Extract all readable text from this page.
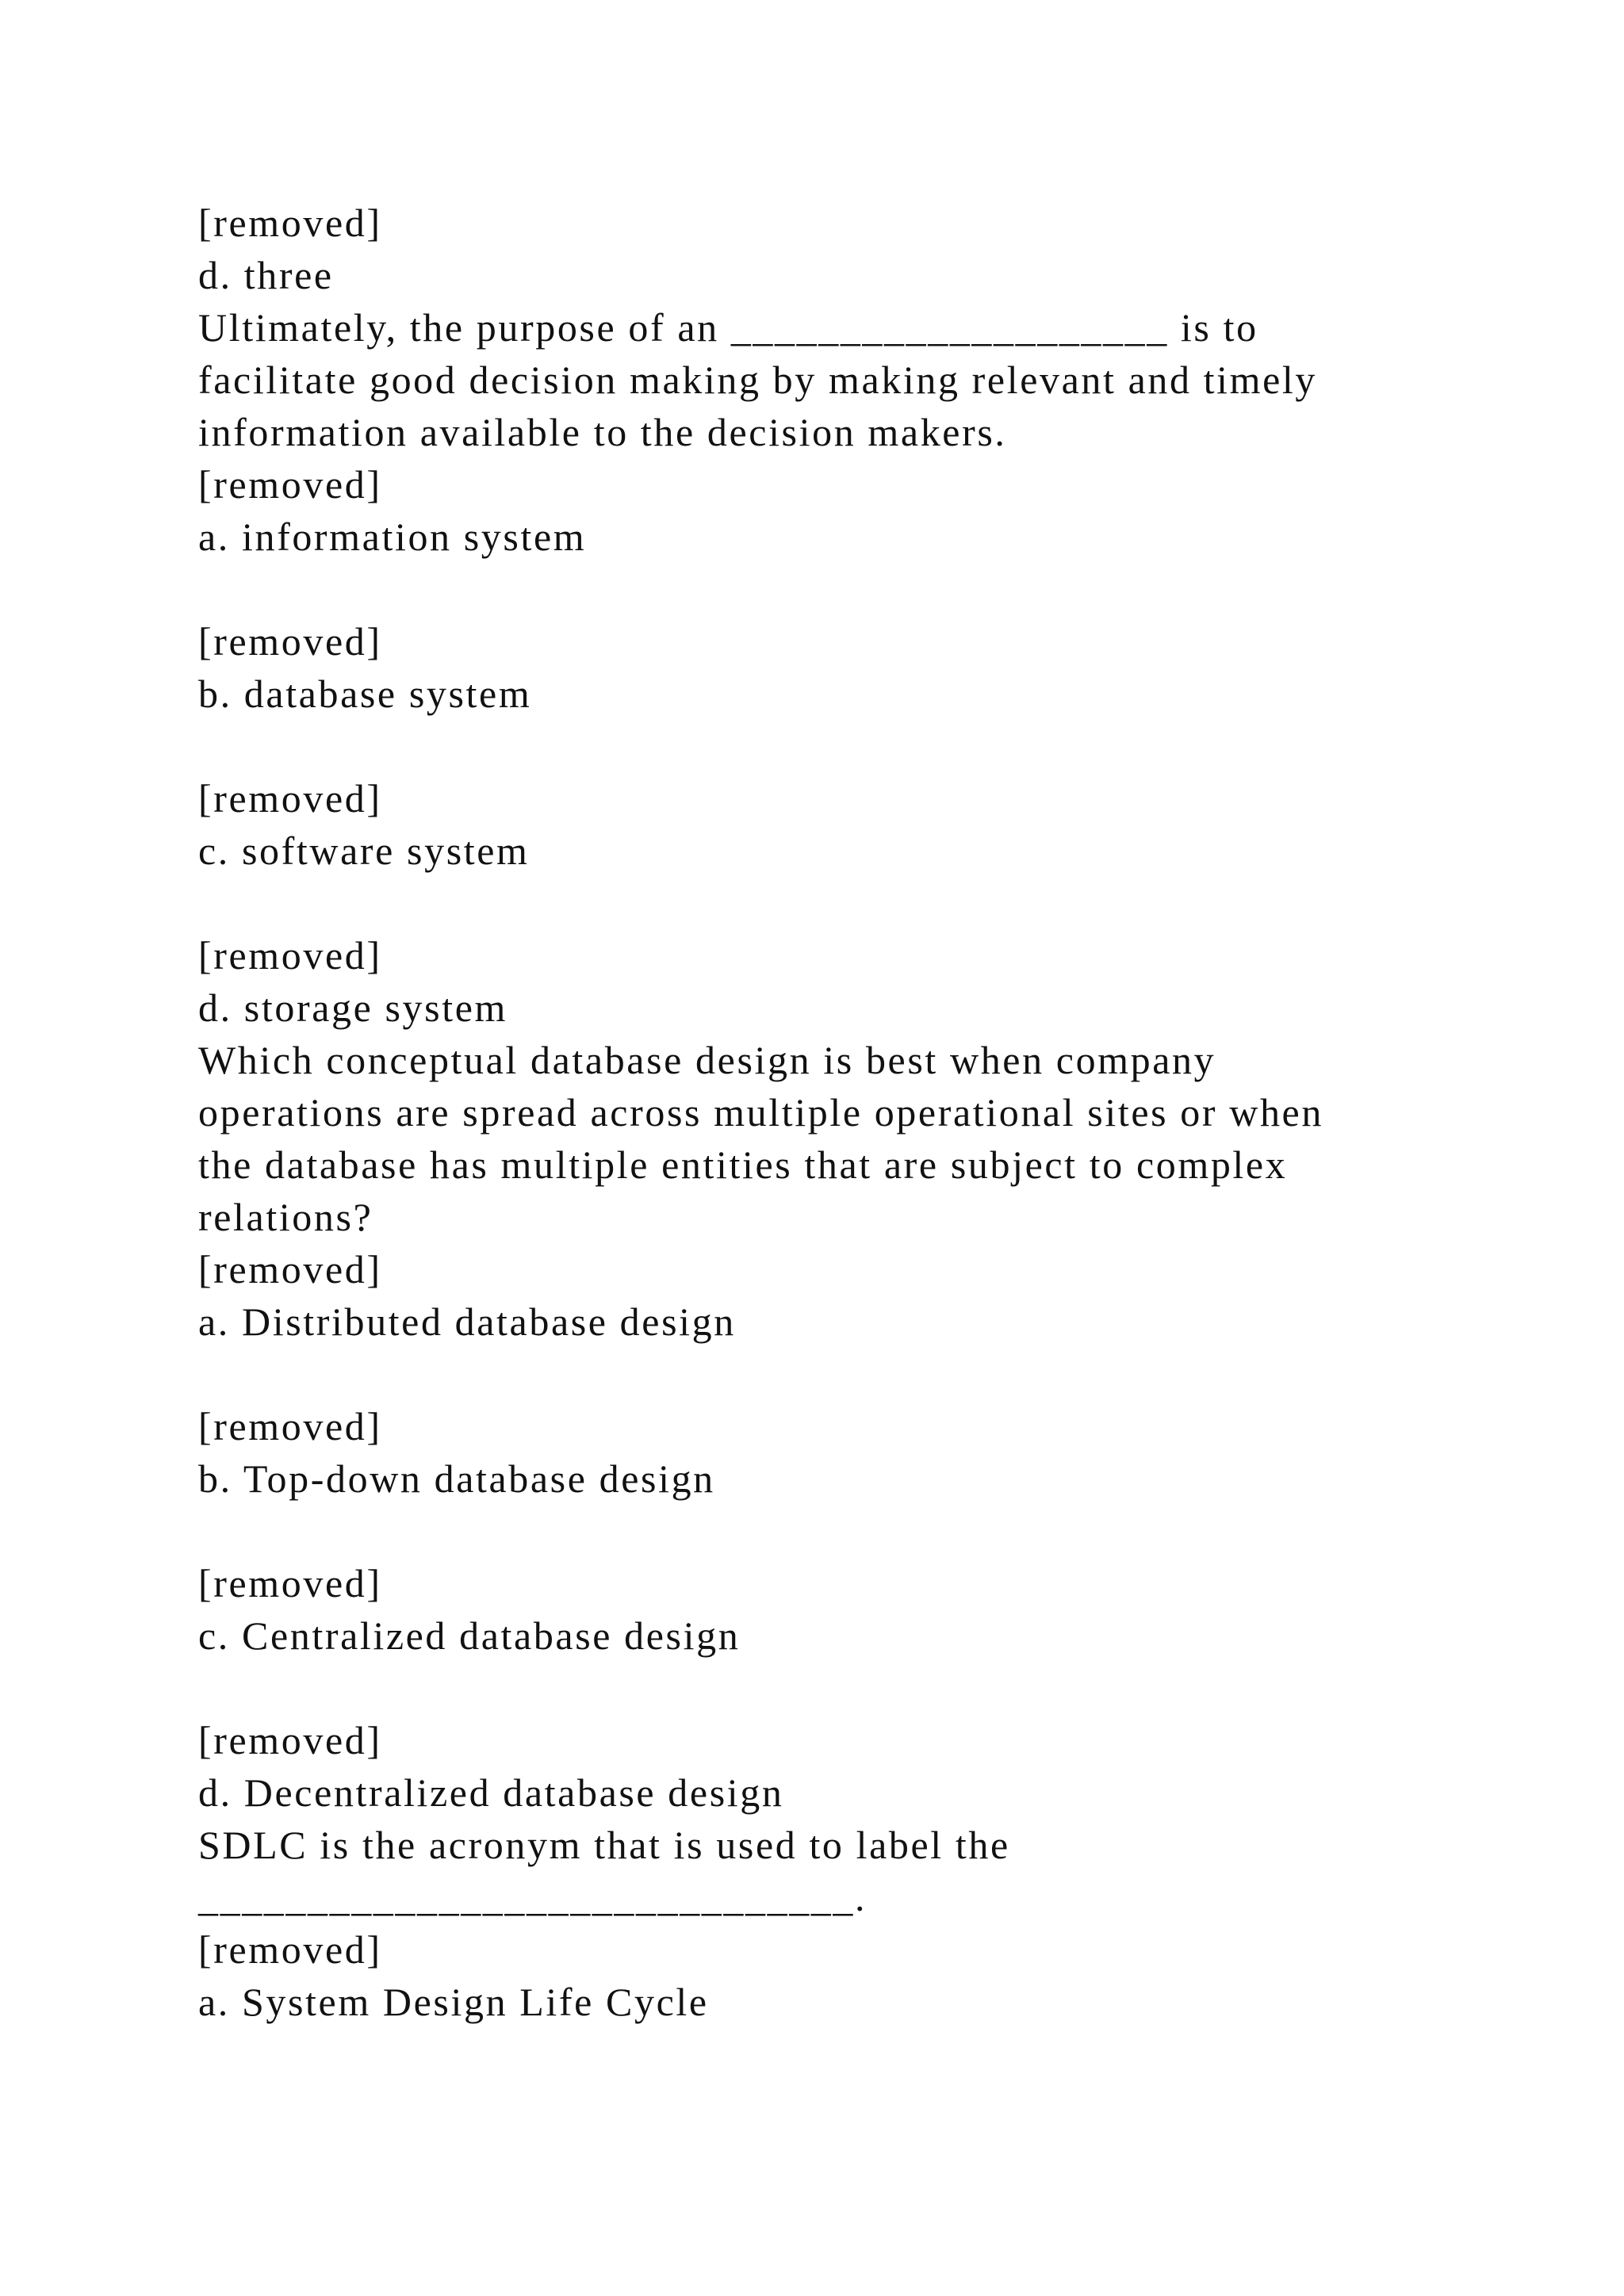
[removed]
d. three
Ultimately, the purpose of an ____________________ is to
facilitate good decision making by making relevant and timely
information available to the decision makers.
[removed]
a. information system
[removed]
b. database system
[removed]
c. software system
[removed]
d. storage system
Which conceptual database design is best when company
operations are spread across multiple operational sites or when
the database has multiple entities that are subject to complex
relations?
[removed]
a. Distributed database design
[removed]
b. Top-down database design
[removed]
c. Centralized database design
[removed]
d. Decentralized database design
SDLC is the acronym that is used to label the
______________________________.
[removed]
a. System Design Life Cycle
